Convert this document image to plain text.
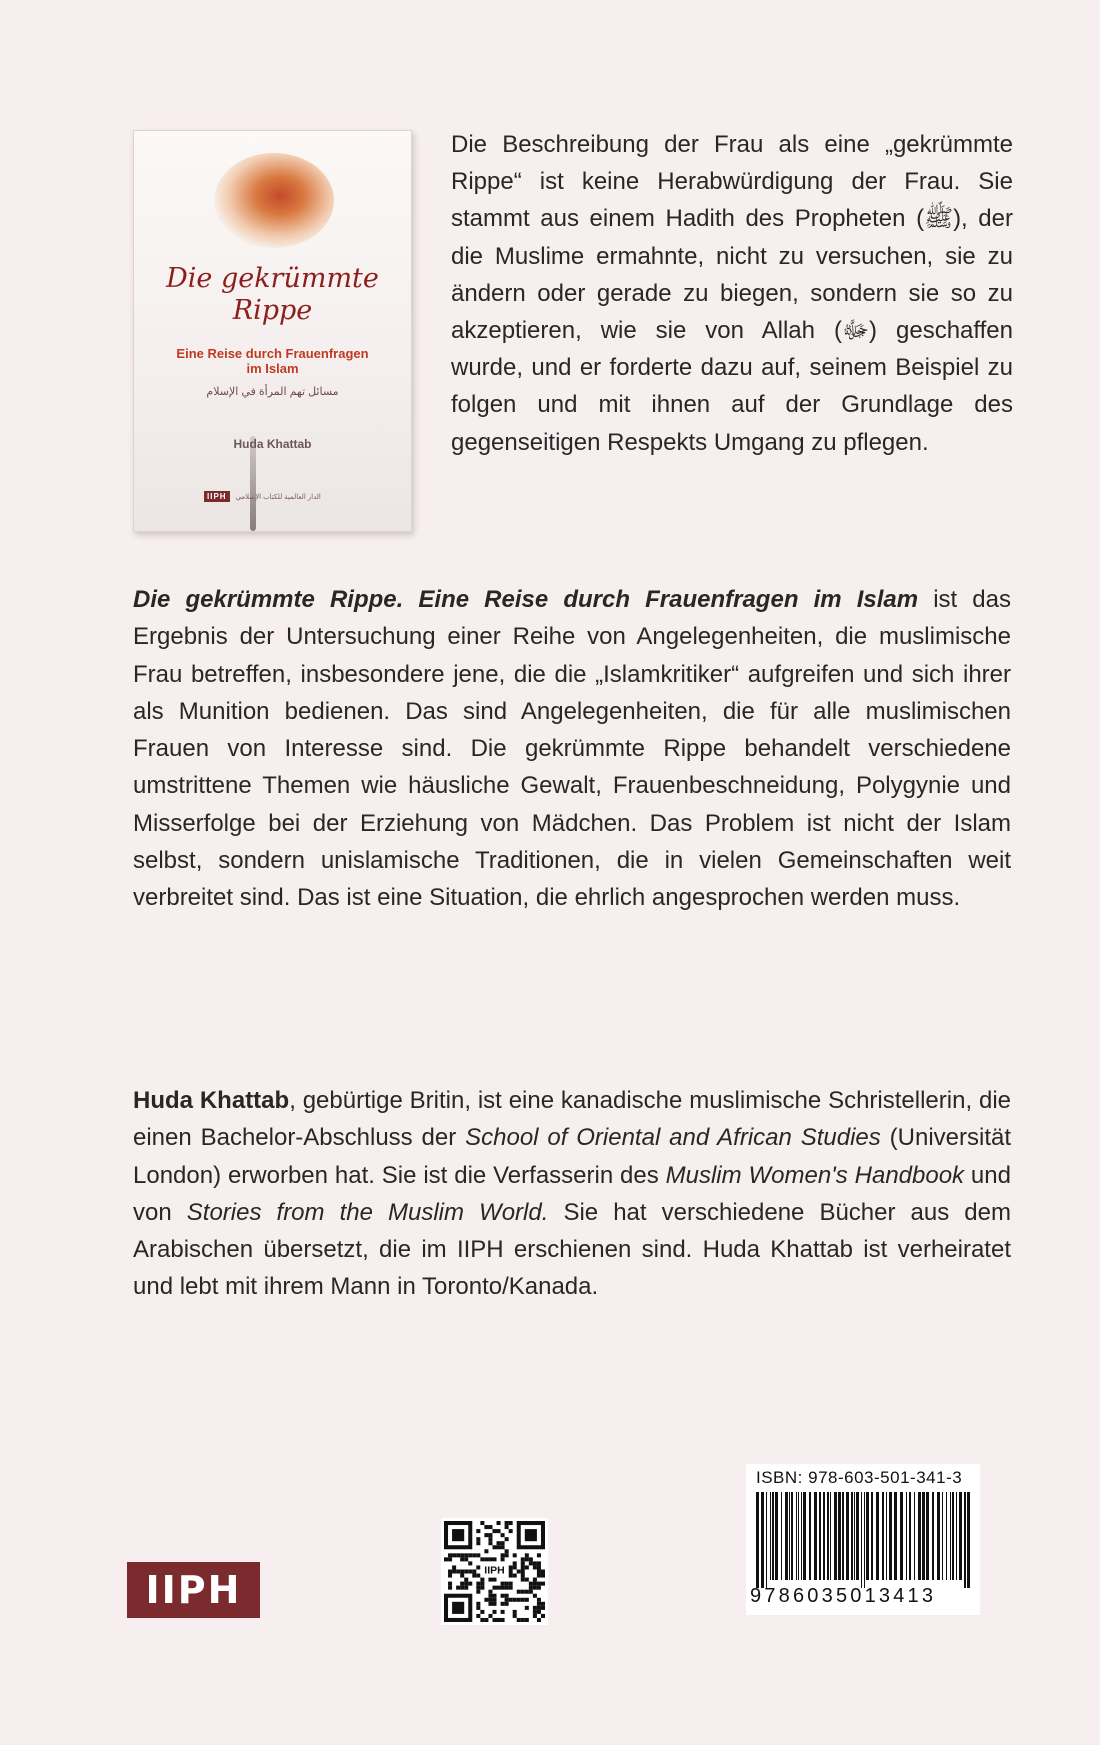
Die gekrümmte
Rippe
Eine Reise durch Frauenfragen
im Islam
مسائل تهم المرأة في الإسلام
Huda Khattab
IIPH	الدار العالمية للكتاب الإسلامي

Die Beschreibung der Frau als eine „gekrümmte Rippe“ ist keine Herabwürdigung der Frau. Sie stammt aus einem Hadith des Propheten (ﷺ), der die Muslime ermahnte, nicht zu versuchen, sie zu ändern oder gerade zu biegen, sondern sie so zu akzeptieren, wie sie von Allah (ﷻ) geschaffen wurde, und er forderte dazu auf, seinem Beispiel zu folgen und mit ihnen auf der Grundlage des gegenseitigen Respekts Umgang zu pflegen.

Die gekrümmte Rippe. Eine Reise durch Frauenfragen im Islam ist das Ergebnis der Untersuchung einer Reihe von Angelegenheiten, die muslimische Frau betreffen, insbesondere jene, die die „Islamkritiker“ aufgreifen und sich ihrer als Munition bedienen. Das sind Angelegenheiten, die für alle muslimischen Frauen von Interesse sind. Die gekrümmte Rippe behandelt verschiedene umstrittene Themen wie häusliche Gewalt, Frauenbeschneidung, Polygynie und Misserfolge bei der Erziehung von Mädchen. Das Problem ist nicht der Islam selbst, sondern unislamische Traditionen, die in vielen Gemeinschaften weit verbreitet sind. Das ist eine Situation, die ehrlich angesprochen werden muss.

Huda Khattab, gebürtige Britin, ist eine kanadische muslimische Schristellerin, die einen Bachelor-Abschluss der School of Oriental and African Studies (Universität London) erworben hat. Sie ist die Verfasserin des Muslim Women's Handbook und von Stories from the Muslim World. Sie hat verschiedene Bücher aus dem Arabischen übersetzt, die im IIPH erschienen sind. Huda Khattab ist verheiratet und lebt mit ihrem Mann in Toronto/Kanada.

IIPH	IIPH
ISBN: 978-603-501-341-3
9786035013413
